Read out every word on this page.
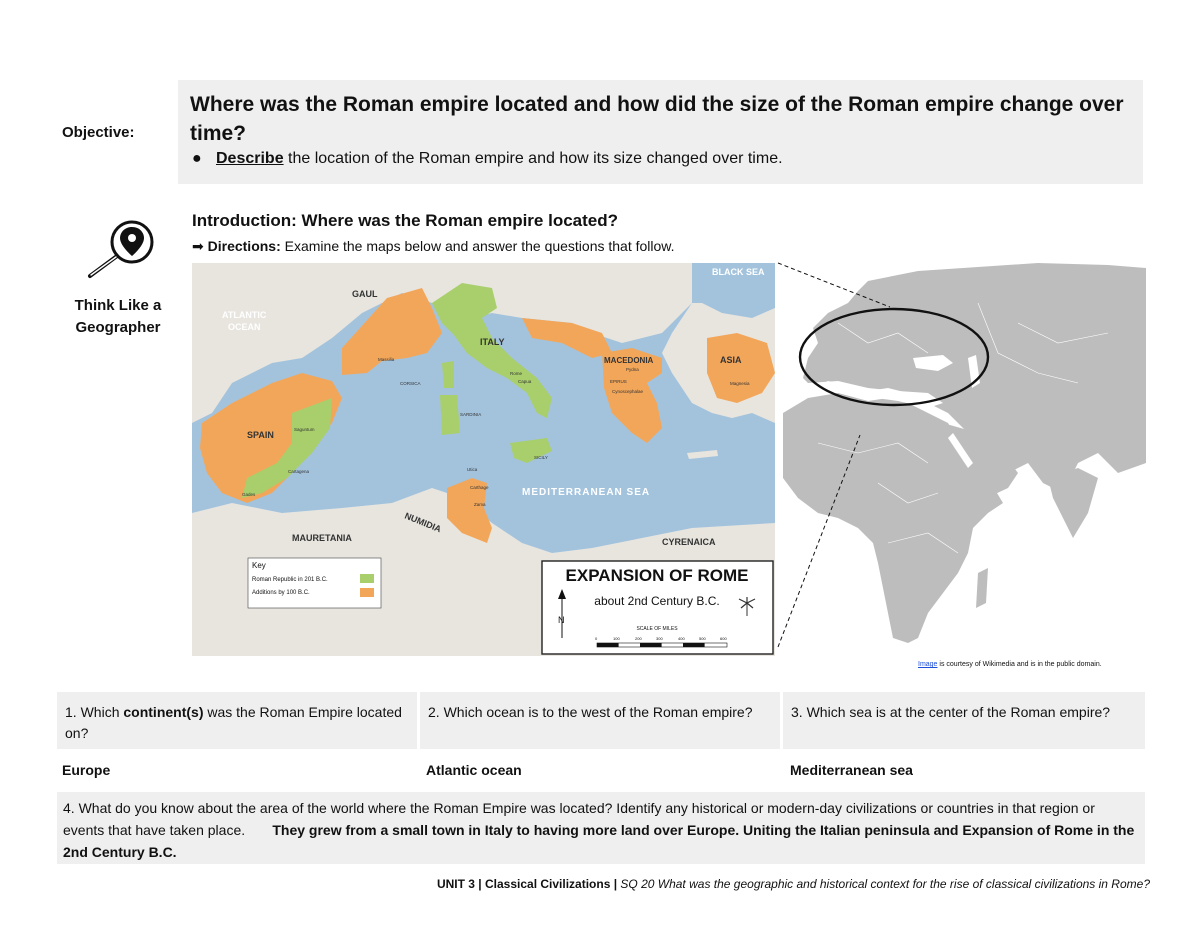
Objective:
Where was the Roman empire located and how did the size of the Roman empire change over time?
● Describe the location of the Roman empire and how its size changed over time.
Think Like a
Geographer
Introduction: Where was the Roman empire located?
➡ Directions: Examine the maps below and answer the questions that follow.
BLACK SEA
GAUL
ATLANTIC
OCEAN
ITALY
MACEDONIA	ASIA
SPAIN
MEDITERRANEAN SEA
NUMIDIA
MAURETANIA	CYRENAICA
CORSICA
SARDINIA
SICILY
Massilia
Rome
Capua
Pydna
EPIRUS	Magnesia
Saguntum
Cartagena
Gades
Utica
Carthage
Zama
Cynoscephalae
Key
Roman Republic in 201 B.C.
Additions by 100 B.C.
EXPANSION OF ROME
about 2nd Century B.C.
N
SCALE OF MILES
0	100	200	300	400	500	600
Image is courtesy of Wikimedia and is in the public domain.
1. Which continent(s) was the Roman Empire located on?
2. Which ocean is to the west of the Roman empire?	3. Which sea is at the center of the Roman empire?
Europe	Atlantic ocean	Mediterranean sea
4. What do you know about the area of the world where the Roman Empire was located? Identify any historical or modern-day civilizations or countries in that region or events that have taken place. They grew from a small town in Italy to having more land over Europe. Uniting the Italian peninsula and Expansion of Rome in the 2nd Century B.C.
UNIT 3 | Classical Civilizations | SQ 20 What was the geographic and historical context for the rise of classical civilizations in Rome?
